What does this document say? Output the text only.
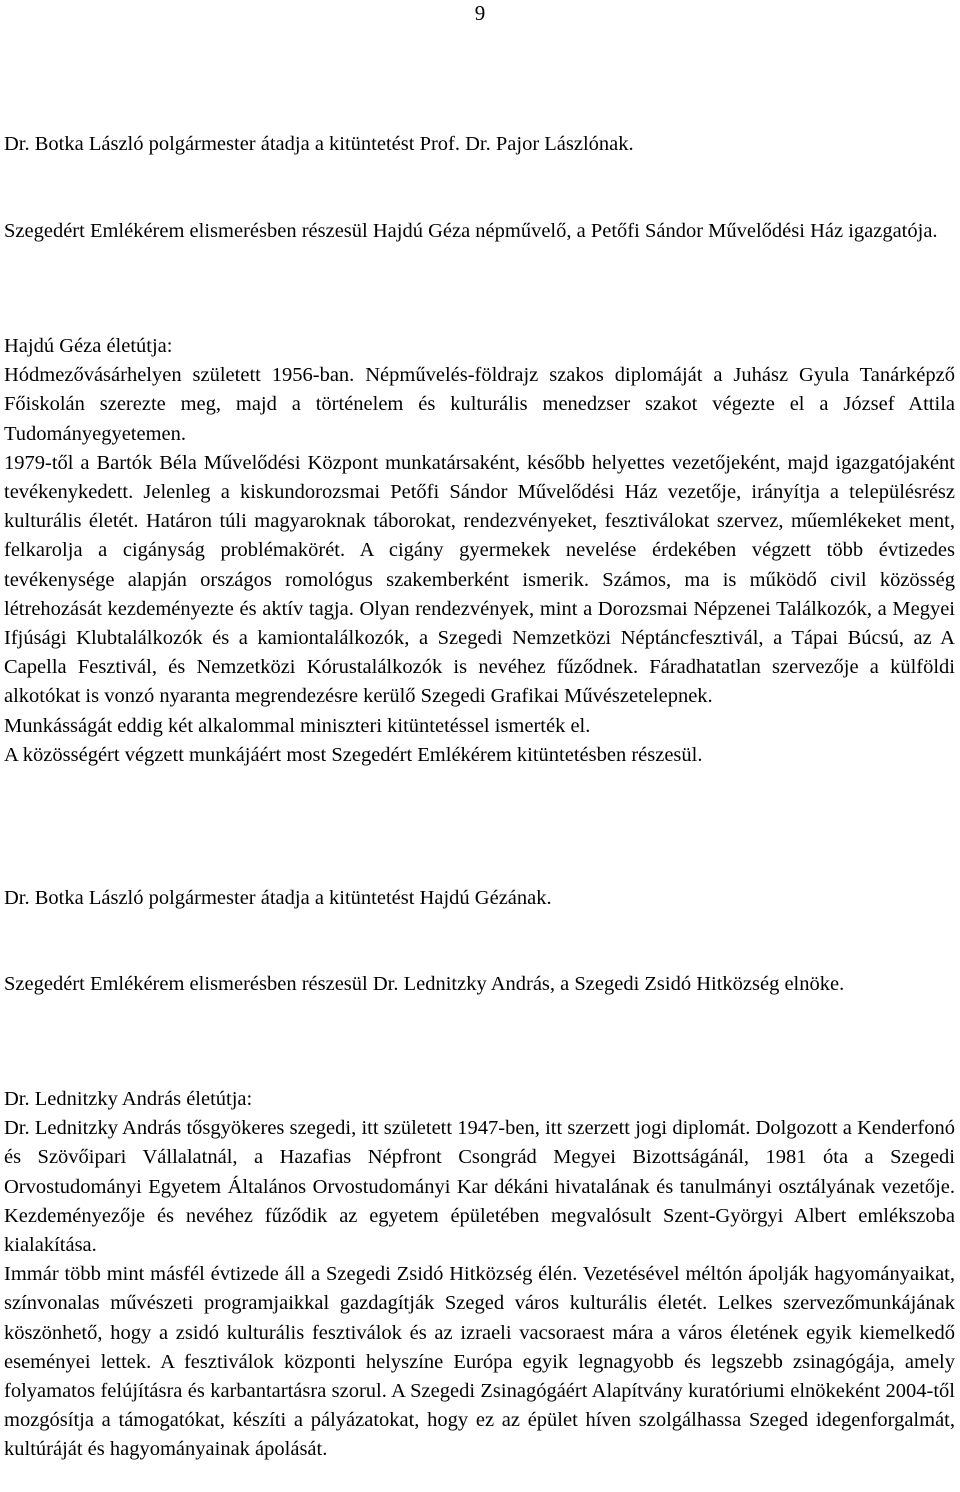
9

Dr. Botka László polgármester átadja a kitüntetést Prof. Dr. Pajor Lászlónak.

Szegedért Emlékérem elismerésben részesül Hajdú Géza népművelő, a Petőfi Sándor Művelődési Ház igazgatója.

Hajdú Géza életútja:

Hódmezővásárhelyen született 1956-ban. Népművelés-földrajz szakos diplomáját a Juhász Gyula Tanárképző Főiskolán szerezte meg, majd a történelem és kulturális menedzser szakot végezte el a József Attila Tudományegyetemen.

1979-től a Bartók Béla Művelődési Központ munkatársaként, később helyettes vezetőjeként, majd igazgatójaként tevékenykedett. Jelenleg a kiskundorozsmai Petőfi Sándor Művelődési Ház vezetője, irányítja a településrész kulturális életét. Határon túli magyaroknak táborokat, rendezvényeket, fesztiválokat szervez, műemlékeket ment, felkarolja a cigányság problémakörét. A cigány gyermekek nevelése érdekében végzett több évtizedes tevékenysége alapján országos romológus szakemberként ismerik. Számos, ma is működő civil közösség létrehozását kezdeményezte és aktív tagja. Olyan rendezvények, mint a Dorozsmai Népzenei Találkozók, a Megyei Ifjúsági Klubtalálkozók és a kamiontalálkozók, a Szegedi Nemzetközi Néptáncfesztivál, a Tápai Búcsú, az A Capella Fesztivál, és Nemzetközi Kórustalálkozók is nevéhez fűződnek. Fáradhatatlan szervezője a külföldi alkotókat is vonzó nyaranta megrendezésre kerülő Szegedi Grafikai Művészetelepnek.

Munkásságát eddig két alkalommal miniszteri kitüntetéssel ismerték el.

A közösségért végzett munkájáért most Szegedért Emlékérem kitüntetésben részesül.

Dr. Botka László polgármester átadja a kitüntetést Hajdú Gézának.

Szegedért Emlékérem elismerésben részesül Dr. Lednitzky András, a Szegedi Zsidó Hitközség elnöke.

Dr. Lednitzky András életútja:

Dr. Lednitzky András tősgyökeres szegedi, itt született 1947-ben, itt szerzett jogi diplomát. Dolgozott a Kenderfonó és Szövőipari Vállalatnál, a Hazafias Népfront Csongrád Megyei Bizottságánál, 1981 óta a Szegedi Orvostudományi Egyetem Általános Orvostudományi Kar dékáni hivatalának és tanulmányi osztályának vezetője. Kezdeményezője és nevéhez fűződik az egyetem épületében megvalósult Szent-Györgyi Albert emlékszoba kialakítása.

Immár több mint másfél évtizede áll a Szegedi Zsidó Hitközség élén. Vezetésével méltón ápolják hagyományaikat, színvonalas művészeti programjaikkal gazdagítják Szeged város kulturális életét. Lelkes szervezőmunkájának köszönhető, hogy a zsidó kulturális fesztiválok és az izraeli vacsoraest mára a város életének egyik kiemelkedő eseményei lettek. A fesztiválok központi helyszíne Európa egyik legnagyobb és legszebb zsinagógája, amely folyamatos felújításra és karbantartásra szorul. A Szegedi Zsinagógáért Alapítvány kuratóriumi elnökeként 2004-től mozgósítja a támogatókat, készíti a pályázatokat, hogy ez az épület híven szolgálhassa Szeged idegenforgalmát, kultúráját és hagyományainak ápolását.
